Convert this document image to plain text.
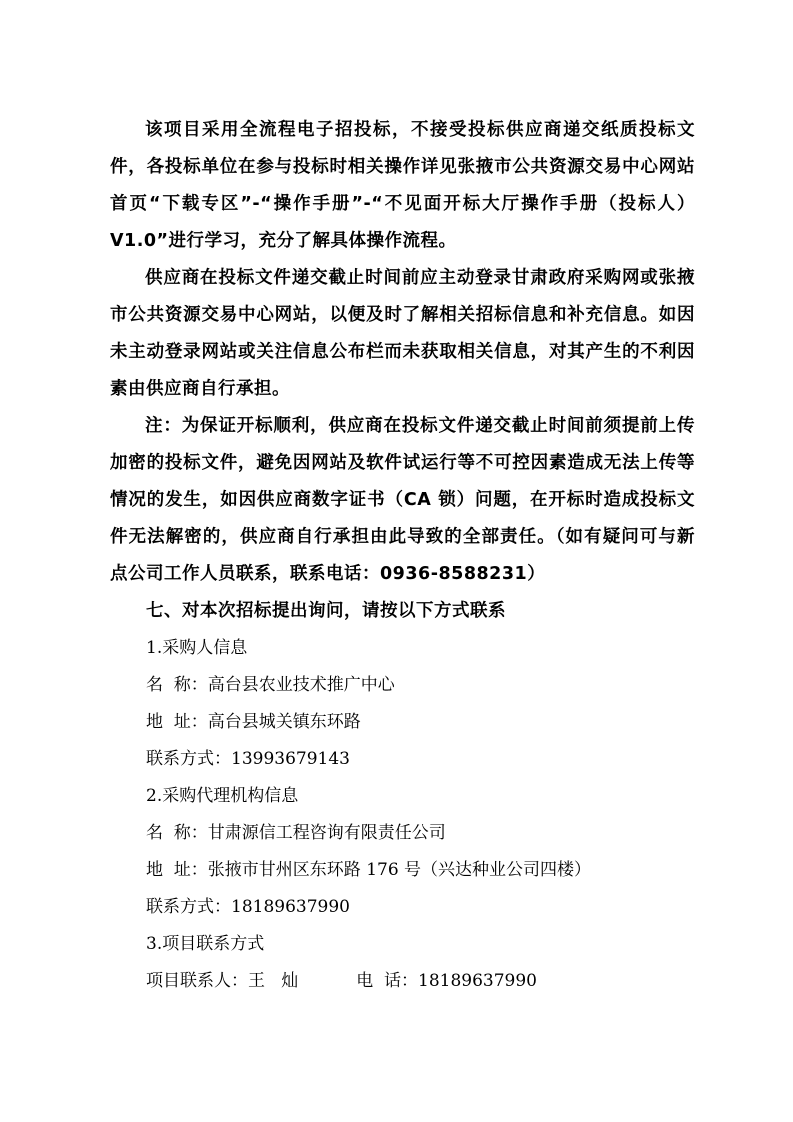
该项目采用全流程电子招投标，不接受投标供应商递交纸质投标文件，各投标单位在参与投标时相关操作详见张掖市公共资源交易中心网站首页“下载专区”-“操作手册”-“不见面开标大厅操作手册（投标人）V1.0”进行学习，充分了解具体操作流程。

供应商在投标文件递交截止时间前应主动登录甘肃政府采购网或张掖市公共资源交易中心网站，以便及时了解相关招标信息和补充信息。如因未主动登录网站或关注信息公布栏而未获取相关信息，对其产生的不利因素由供应商自行承担。

注：为保证开标顺利，供应商在投标文件递交截止时间前须提前上传加密的投标文件，避免因网站及软件试运行等不可控因素造成无法上传等情况的发生，如因供应商数字证书（CA 锁）问题，在开标时造成投标文件无法解密的，供应商自行承担由此导致的全部责任。（如有疑问可与新点公司工作人员联系，联系电话：0936-8588231）

七、对本次招标提出询问，请按以下方式联系

1.采购人信息

名  称：高台县农业技术推广中心

地  址：高台县城关镇东环路

联系方式：13993679143

2.采购代理机构信息

名  称：甘肃源信工程咨询有限责任公司

地  址：张掖市甘州区东环路 176 号（兴达种业公司四楼）

联系方式：18189637990

3.项目联系方式

项目联系人：王   灿	电  话：18189637990
